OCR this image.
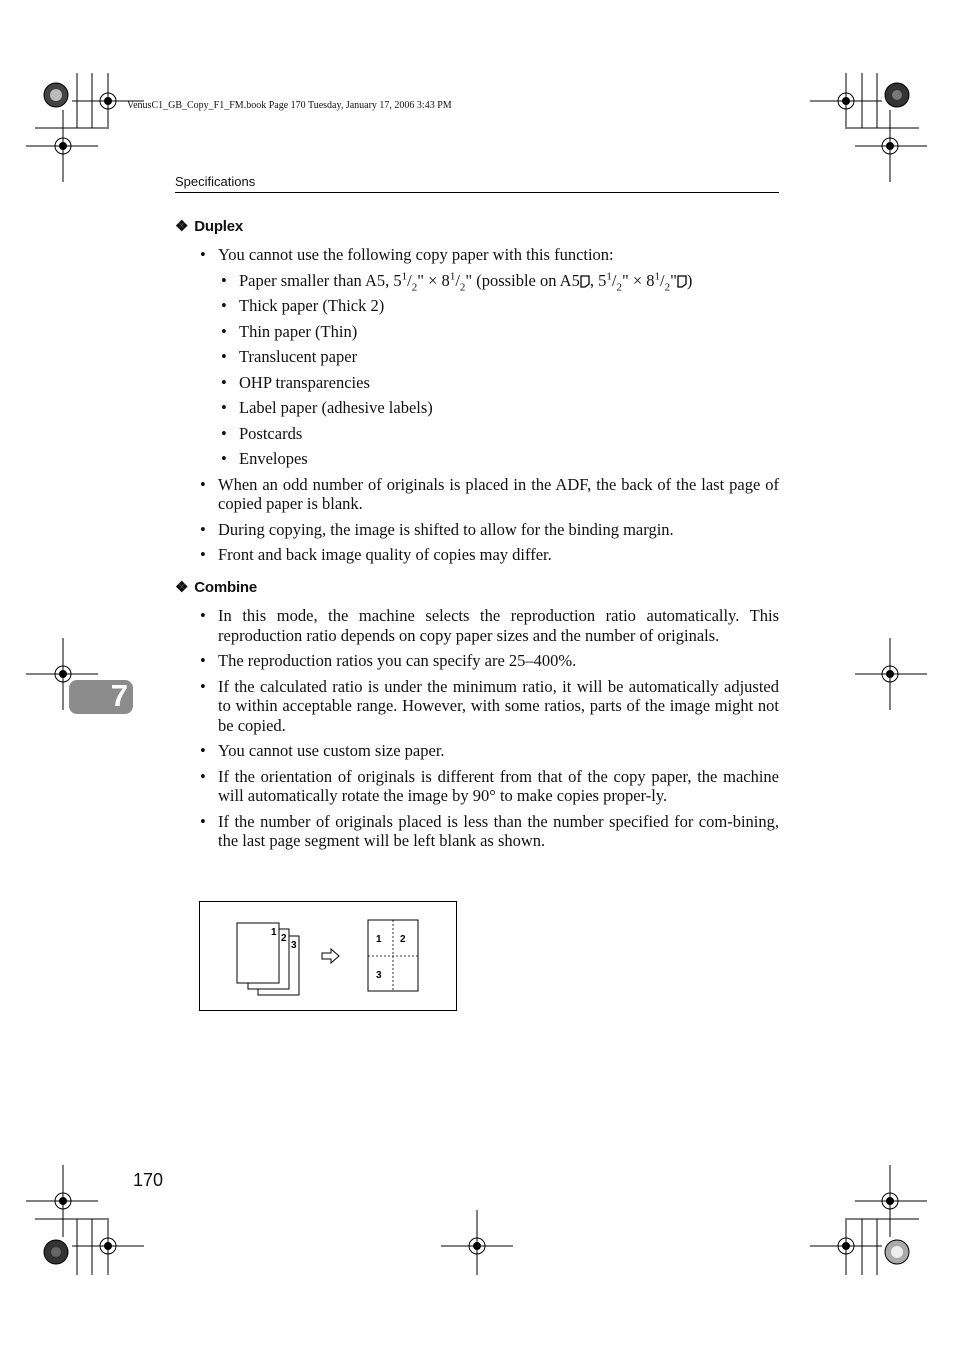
VenusC1_GB_Copy_F1_FM.book Page 170 Tuesday, January 17, 2006 3:43 PM
Specifications
❖ Duplex
• You cannot use the following copy paper with this function:
• Paper smaller than A5, $5^1/_2$" × $8^1/_2$" (possible on A5 , $5^1/_2$" × $8^1/_2$" )
• Thick paper (Thick 2)
• Thin paper (Thin)
• Translucent paper
• OHP transparencies
• Label paper (adhesive labels)
• Postcards
• Envelopes
• When an odd number of originals is placed in the ADF, the back of the last page of copied paper is blank.
• During copying, the image is shifted to allow for the binding margin.
• Front and back image quality of copies may differ.
❖ Combine
• In this mode, the machine selects the reproduction ratio automatically. This reproduction ratio depends on copy paper sizes and the number of originals.
• The reproduction ratios you can specify are 25–400%.
• If the calculated ratio is under the minimum ratio, it will be automatically adjusted to within acceptable range. However, with some ratios, parts of the image might not be copied.
• You cannot use custom size paper.
• If the orientation of originals is different from that of the copy paper, the machine will automatically rotate the image by 90° to make copies proper-ly.
• If the number of originals placed is less than the number specified for com-bining, the last page segment will be left blank as shown.
1
2
3
1 2
3
7
170
